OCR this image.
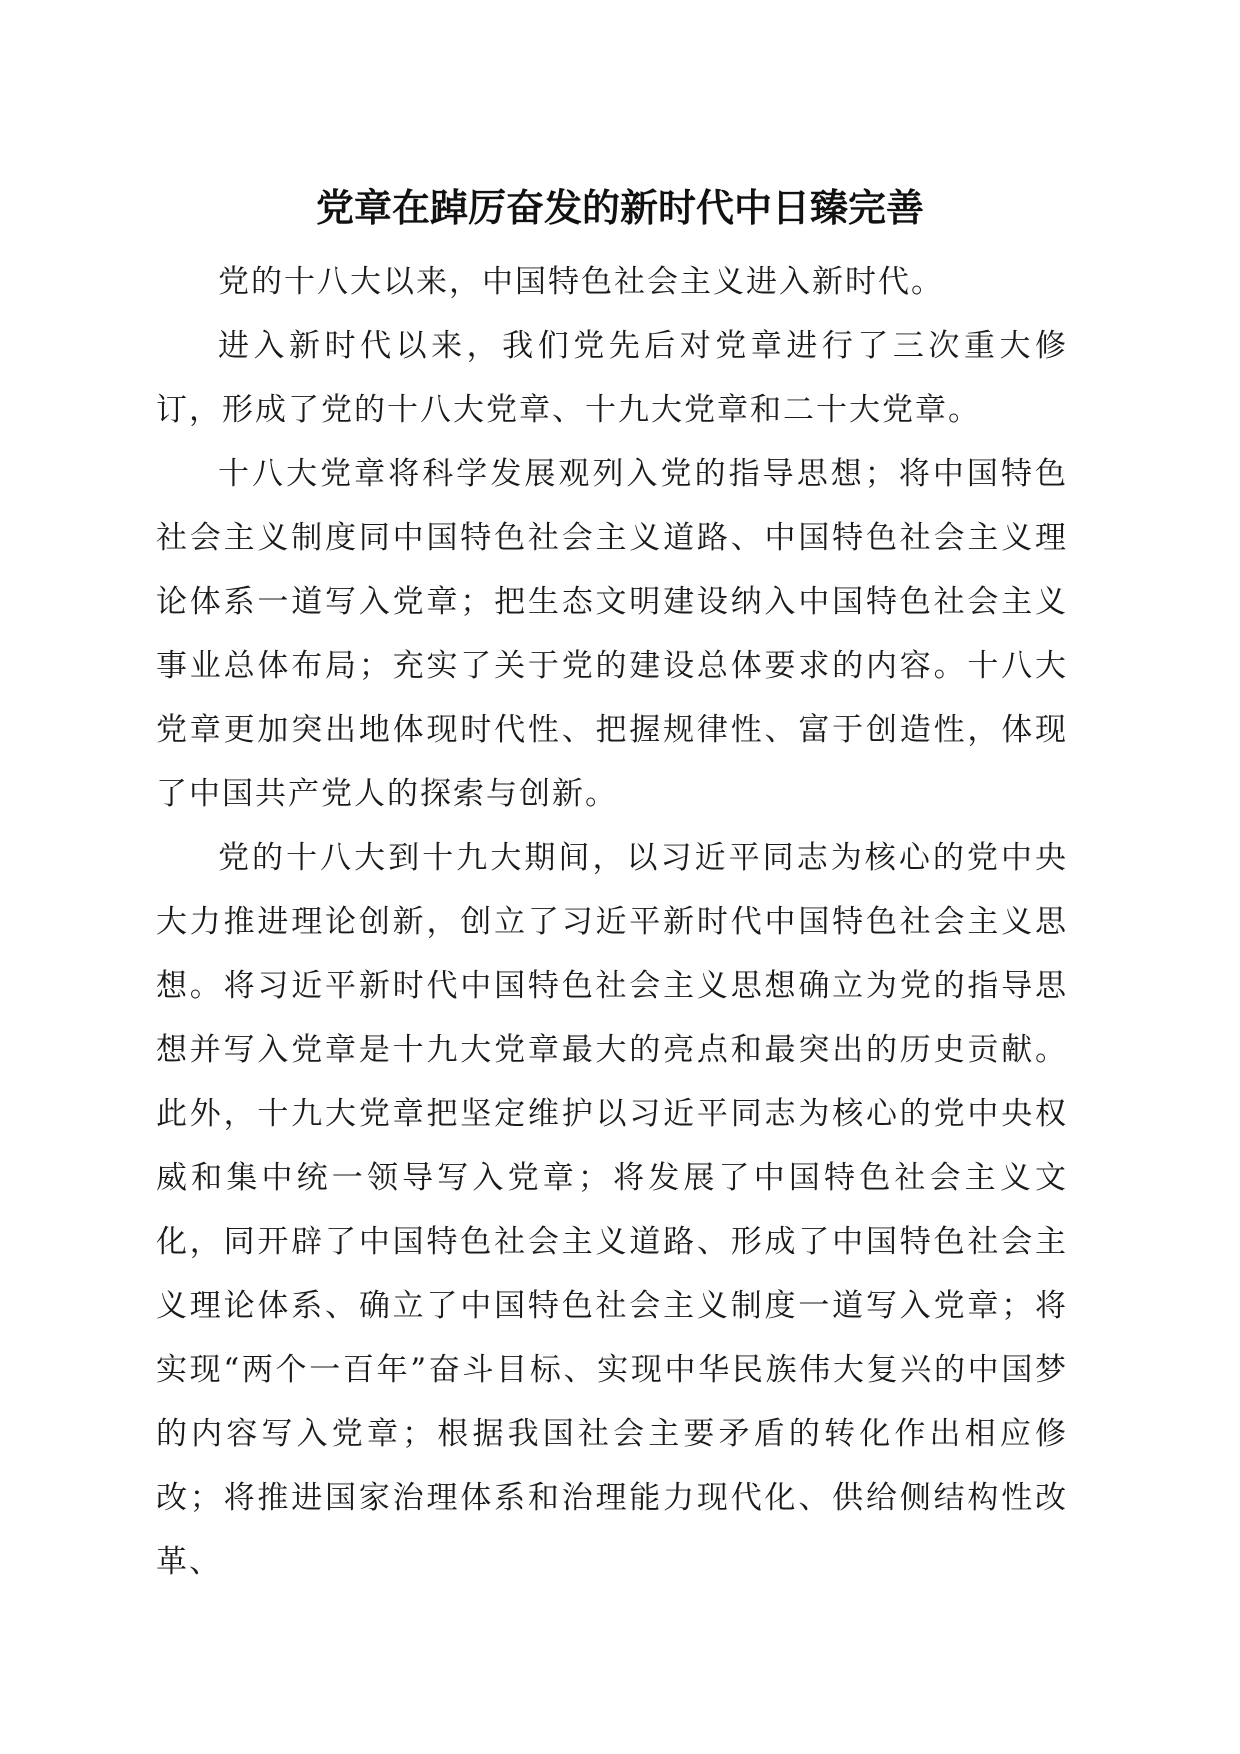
党章在踔厉奋发的新时代中日臻完善

党的十八大以来，中国特色社会主义进入新时代。

进入新时代以来，我们党先后对党章进行了三次重大修订，形成了党的十八大党章、十九大党章和二十大党章。

十八大党章将科学发展观列入党的指导思想；将中国特色社会主义制度同中国特色社会主义道路、中国特色社会主义理论体系一道写入党章；把生态文明建设纳入中国特色社会主义事业总体布局；充实了关于党的建设总体要求的内容。十八大党章更加突出地体现时代性、把握规律性、富于创造性，体现了中国共产党人的探索与创新。

党的十八大到十九大期间，以习近平同志为核心的党中央大力推进理论创新，创立了习近平新时代中国特色社会主义思想。将习近平新时代中国特色社会主义思想确立为党的指导思想并写入党章是十九大党章最大的亮点和最突出的历史贡献。此外，十九大党章把坚定维护以习近平同志为核心的党中央权威和集中统一领导写入党章；将发展了中国特色社会主义文化，同开辟了中国特色社会主义道路、形成了中国特色社会主义理论体系、确立了中国特色社会主义制度一道写入党章；将实现“两个一百年”奋斗目标、实现中华民族伟大复兴的中国梦的内容写入党章；根据我国社会主要矛盾的转化作出相应修改；将推进国家治理体系和治理能力现代化、供给侧结构性改革、
